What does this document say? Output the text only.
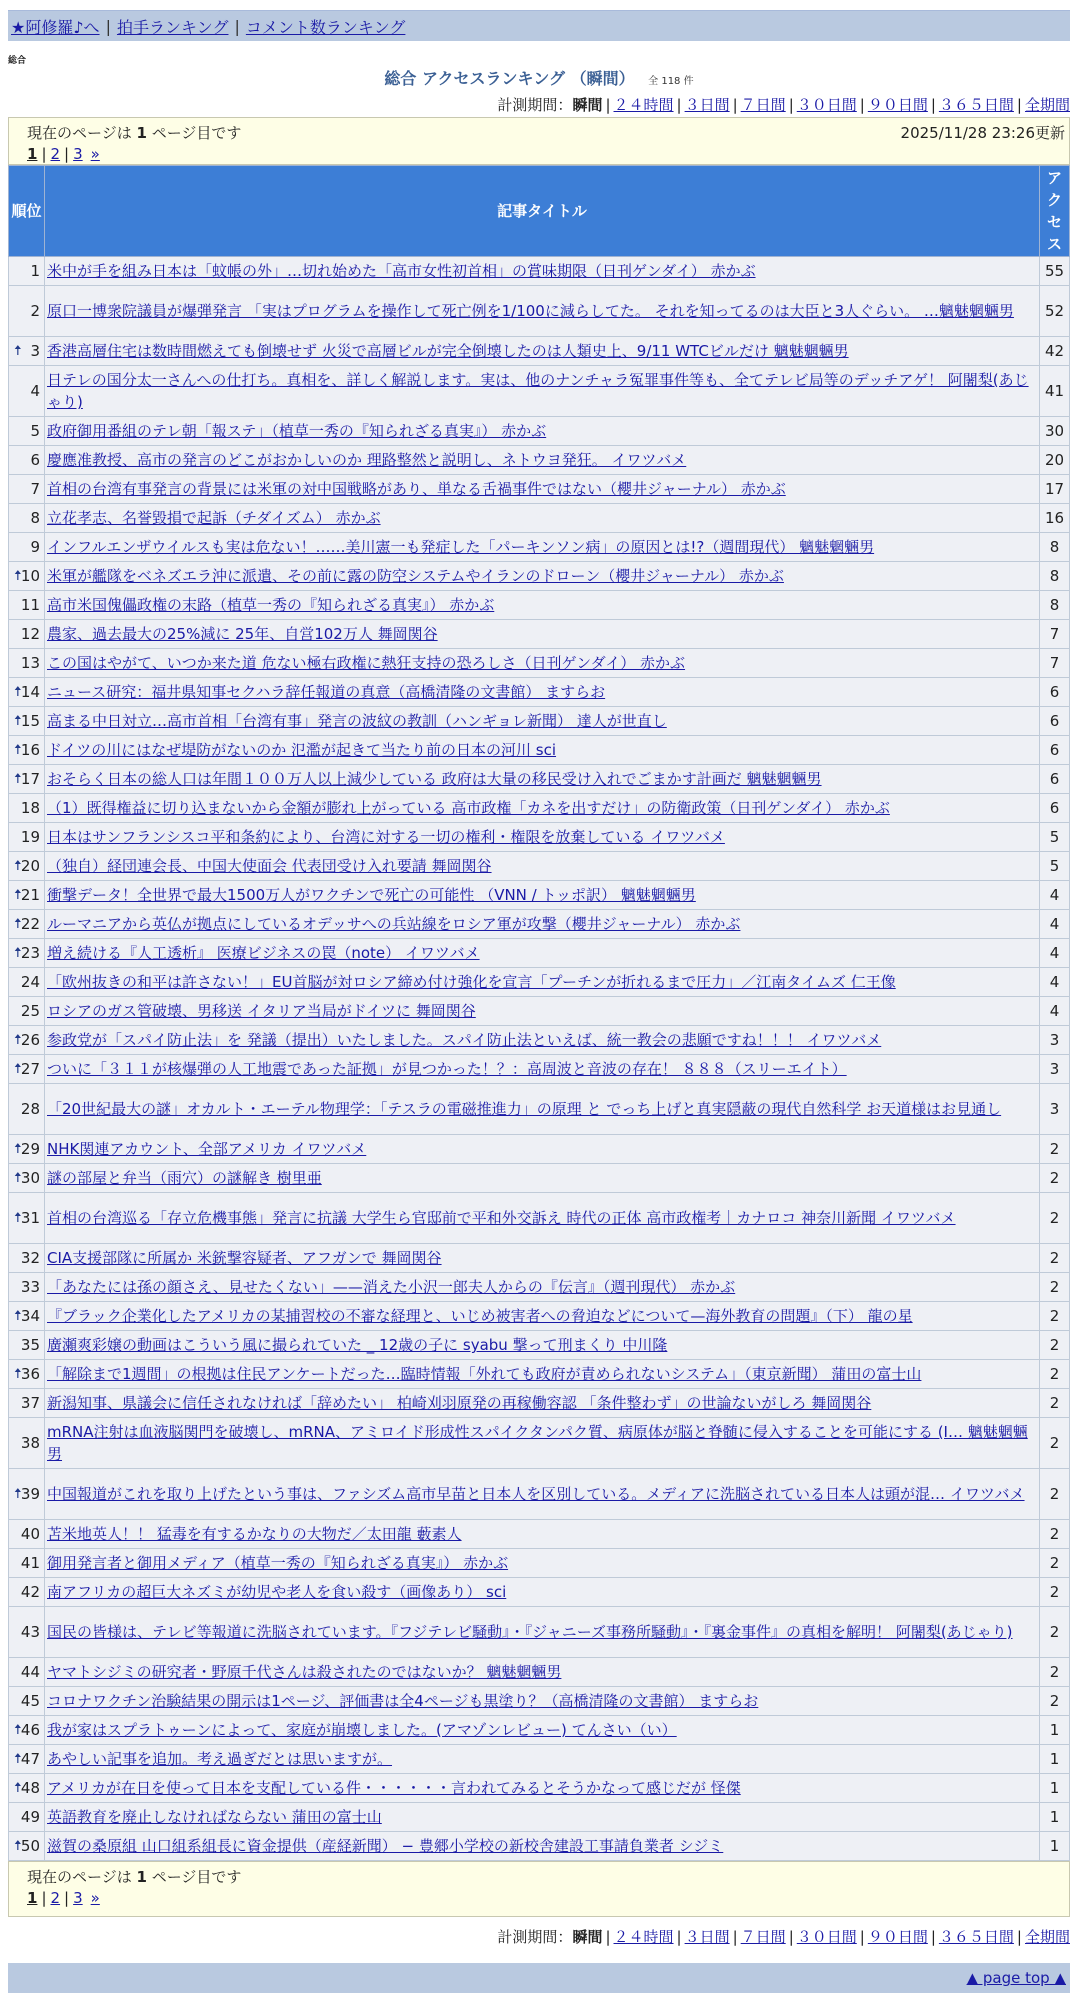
★阿修羅♪へ | 拍手ランキング | コメント数ランキング
総合
総合 アクセスランキング （瞬間） 全 118 件
計測期間：瞬間 | ２４時間 | ３日間 | ７日間 | ３０日間 | ９０日間 | ３６５日間 | 全期間
現在のページは 1 ページ目です	2025/11/28 23:26更新
1 | 2 | 3 »
順位	記事タイトル	アクセス
1	米中が手を組み日本は「蚊帳の外」…切れ始めた「高市女性初首相」の賞味期限（日刊ゲンダイ） 赤かぶ	55
2	原口一博衆院議員が爆弾発言 「実はプログラムを操作して死亡例を1/100に減らしてた。 それを知ってるのは大臣と3人ぐらい。 …魑魅魍魎男	52

🠅 3	香港高層住宅は数時間燃えても倒壊せず 火災で高層ビルが完全倒壊したのは人類史上、9/11 WTCビルだけ 魑魅魍魎男	42
4	日テレの国分太一さんへの仕打ち。真相を、詳しく解説します。実は、他のナンチャラ冤罪事件等も、全てテレビ局等のデッチアゲ！ 阿闍梨(あじゃり)	41
5	政府御用番組のテレ朝「報ステ」（植草一秀の『知られざる真実』） 赤かぶ	30
6	慶應准教授、高市の発言のどこがおかしいのか 理路整然と説明し、ネトウヨ発狂。 イワツバメ	20
7	首相の台湾有事発言の背景には米軍の対中国戦略があり、単なる舌禍事件ではない（櫻井ジャーナル） 赤かぶ	17
8	立花孝志、名誉毀損で起訴（チダイズム） 赤かぶ	16
9	インフルエンザウイルスも実は危ない！……美川憲一も発症した「パーキンソン病」の原因とは!?（週間現代） 魑魅魍魎男	8

🠅 10	米軍が艦隊をベネズエラ沖に派遣、その前に露の防空システムやイランのドローン（櫻井ジャーナル） 赤かぶ	8
11	高市米国傀儡政権の末路（植草一秀の『知られざる真実』） 赤かぶ	8
12	農家、過去最大の25%減に 25年、自営102万人 舞岡関谷	7
13	この国はやがて、いつか来た道 危ない極右政権に熱狂支持の恐ろしさ（日刊ゲンダイ） 赤かぶ	7

🠅 14	ニュース研究：福井県知事セクハラ辞任報道の真意（高橋清隆の文書館） ますらお	6

🠅 15	高まる中日対立…高市首相「台湾有事」発言の波紋の教訓（ハンギョレ新聞） 達人が世直し	6

🠅 16	ドイツの川にはなぜ堤防がないのか 氾濫が起きて当たり前の日本の河川 sci	6

🠅 17	おそらく日本の総人口は年間１００万人以上減少している 政府は大量の移民受け入れでごまかす計画だ 魑魅魍魎男	6
18	（1）既得権益に切り込まないから金額が膨れ上がっている 高市政権「カネを出すだけ」の防衛政策（日刊ゲンダイ） 赤かぶ	6
19	日本はサンフランシスコ平和条約により、台湾に対する一切の権利・権限を放棄している イワツバメ	5

🠅 20	（独自）経団連会長、中国大使面会 代表団受け入れ要請 舞岡関谷	5

🠅 21	衝撃データ！全世界で最大1500万人がワクチンで死亡の可能性 （VNN / トッポ訳） 魑魅魍魎男	4

🠅 22	ルーマニアから英仏が拠点にしているオデッサへの兵站線をロシア軍が攻撃（櫻井ジャーナル） 赤かぶ	4

🠅 23	増え続ける『人工透析』 医療ビジネスの罠（note） イワツバメ	4
24	「欧州抜きの和平は許さない！」EU首脳が対ロシア締め付け強化を宣言「プーチンが折れるまで圧力」／江南タイムズ 仁王像	4
25	ロシアのガス管破壊、男移送 イタリア当局がドイツに 舞岡関谷	4

🠅 26	参政党が「スパイ防止法」を 発議（提出）いたしました。スパイ防止法といえば、統一教会の悲願ですね！！！ イワツバメ	3

🠅 27	ついに「３１１が核爆弾の人工地震であった証拠」が見つかった！？：高周波と音波の存在！ ８８８（スリーエイト）	3
28	「20世紀最大の謎」オカルト・エーテル物理学：「テスラの電磁推進力」の原理 と でっち上げと真実隠蔽の現代自然科学 お天道様はお見通し	3

🠅 29	NHK関連アカウント、全部アメリカ イワツバメ	2

🠅 30	謎の部屋と弁当（雨穴）の謎解き 樹里亜	2

🠅 31	首相の台湾巡る「存立危機事態」発言に抗議 大学生ら官邸前で平和外交訴え 時代の正体 高市政権考｜カナロコ 神奈川新聞 イワツバメ	2
32	CIA支援部隊に所属か 米銃撃容疑者、アフガンで 舞岡関谷	2
33	「あなたには孫の顔さえ、見せたくない」——消えた小沢一郎夫人からの『伝言』（週刊現代） 赤かぶ	2

🠅 34	『ブラック企業化したアメリカの某捕習校の不審な経理と、いじめ被害者への脅迫などについて—海外教育の問題』（下） 龍の星	2
35	廣瀬爽彩嬢の動画はこういう風に撮られていた _ 12歳の子に syabu 撃って刑まくり 中川隆	2

🠅 36	「解除まで1週間」の根拠は住民アンケートだった…臨時情報「外れても政府が責められないシステム」（東京新聞） 蒲田の富士山	2
37	新潟知事、県議会に信任されなければ「辞めたい」 柏崎刈羽原発の再稼働容認 「条件整わず」の世論ないがしろ 舞岡関谷	2
38	mRNA注射は血液脳関門を破壊し、mRNA、アミロイド形成性スパイクタンパク質、病原体が脳と脊髄に侵入することを可能にする (I… 魑魅魍魎男	2

🠅 39	中国報道がこれを取り上げたという事は、ファシズム高市早苗と日本人を区別している。メディアに洗脳されている日本人は頭が混… イワツバメ	2
40	苫米地英人！！ 猛毒を有するかなりの大物だ／太田龍 藪素人	2
41	御用発言者と御用メディア（植草一秀の『知られざる真実』） 赤かぶ	2
42	南アフリカの超巨大ネズミが幼児や老人を食い殺す（画像あり） sci	2
43	国民の皆様は、テレビ等報道に洗脳されています。『フジテレビ騒動』・『ジャニーズ事務所騒動』・『裏金事件』の真相を解明！ 阿闍梨(あじゃり)	2
44	ヤマトシジミの研究者・野原千代さんは殺されたのではないか？ 魑魅魍魎男	2
45	コロナワクチン治験結果の開示は1ページ、評価書は全4ページも黒塗り？（高橋清隆の文書館） ますらお	2

🠅 46	我が家はスプラトゥーンによって、家庭が崩壊しました。(アマゾンレビュー) てんさい（い）	1

🠅 47	あやしい記事を追加。考え過ぎだとは思いますが。	1

🠅 48	アメリカが在日を使って日本を支配している件・・・・・・言われてみるとそうかなって感じだが 怪傑	1
49	英語教育を廃止しなければならない 蒲田の富士山	1

🠅 50	滋賀の桑原組 山口組系組長に資金提供（産経新聞） − 豊郷小学校の新校舎建設工事請負業者 シジミ	1
現在のページは 1 ページ目です
1 | 2 | 3 »
計測期間：瞬間 | ２４時間 | ３日間 | ７日間 | ３０日間 | ９０日間 | ３６５日間 | 全期間
▲ page top ▲
